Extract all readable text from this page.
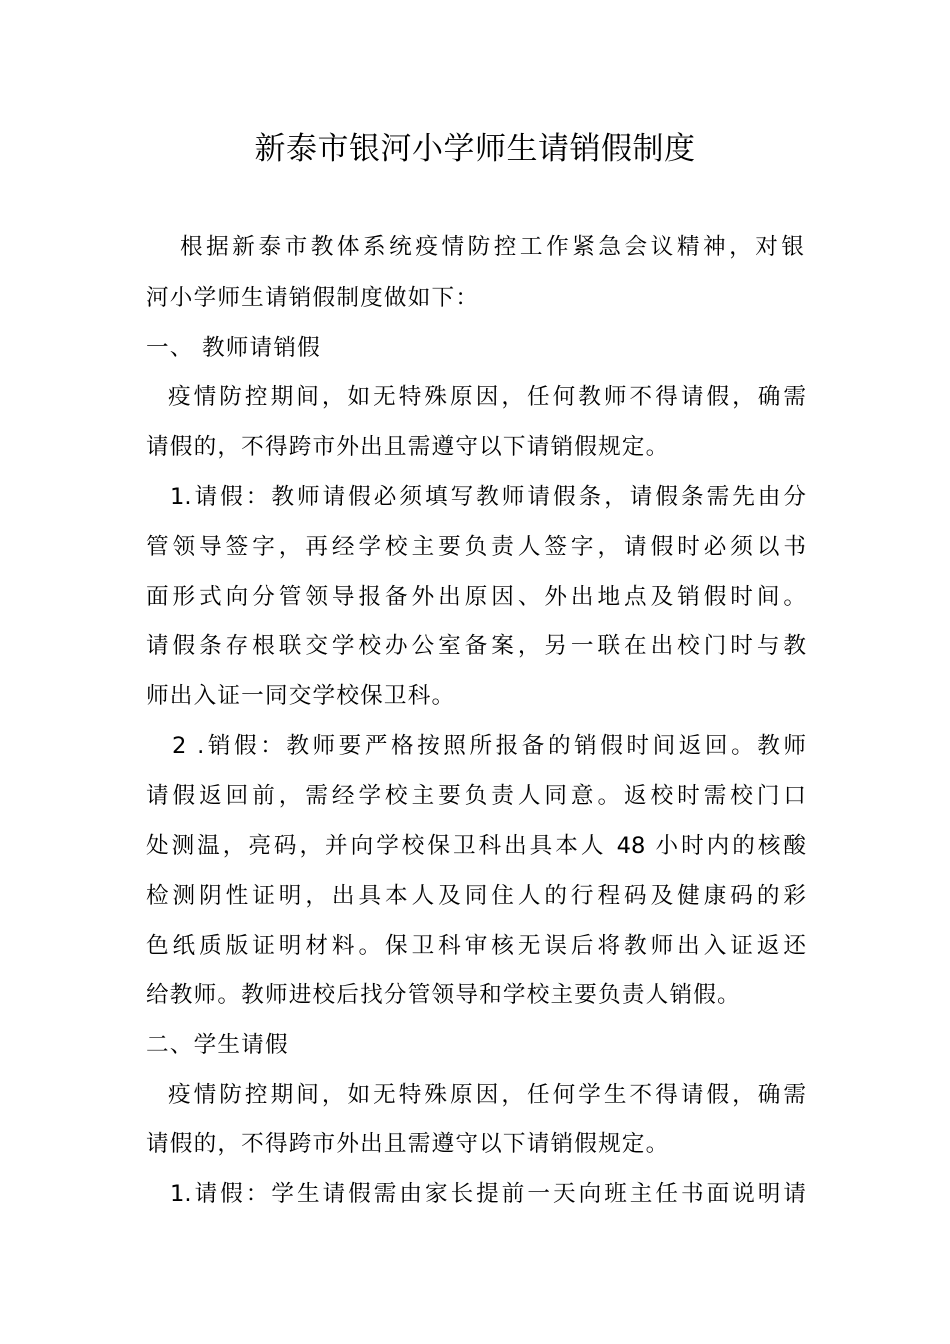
新泰市银河小学师生请销假制度
根据新泰市教体系统疫情防控工作紧急会议精神，对银
河小学师生请销假制度做如下：
一、 教师请销假
疫情防控期间，如无特殊原因，任何教师不得请假，确需
请假的，不得跨市外出且需遵守以下请销假规定。
1.请假：教师请假必须填写教师请假条，请假条需先由分
管领导签字，再经学校主要负责人签字，请假时必须以书
面形式向分管领导报备外出原因、外出地点及销假时间。
请假条存根联交学校办公室备案，另一联在出校门时与教
师出入证一同交学校保卫科。
2 .销假：教师要严格按照所报备的销假时间返回。教师
请假返回前，需经学校主要负责人同意。返校时需校门口
处测温，亮码，并向学校保卫科出具本人 48 小时内的核酸
检测阴性证明，出具本人及同住人的行程码及健康码的彩
色纸质版证明材料。保卫科审核无误后将教师出入证返还
给教师。教师进校后找分管领导和学校主要负责人销假。
二、学生请假
疫情防控期间，如无特殊原因，任何学生不得请假，确需
请假的，不得跨市外出且需遵守以下请销假规定。
1.请假：学生请假需由家长提前一天向班主任书面说明请
